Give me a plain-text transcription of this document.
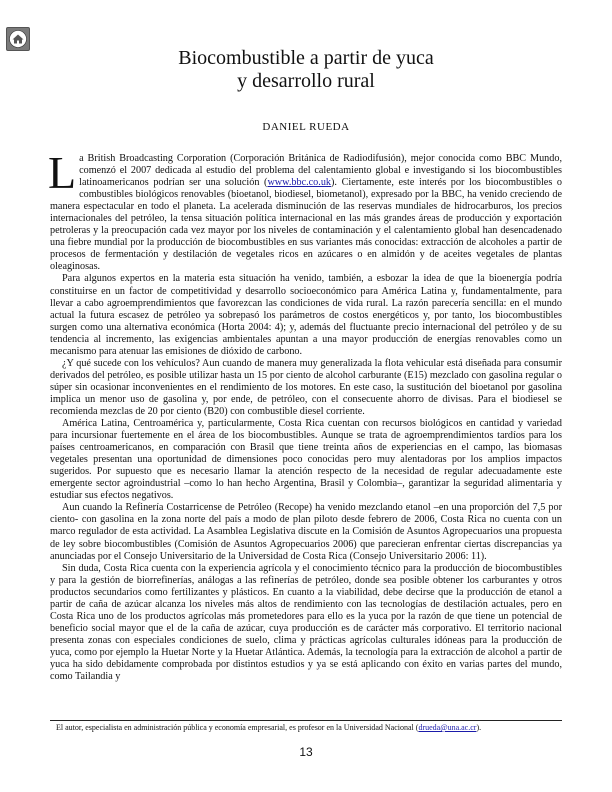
Biocombustible a partir de yuca
y desarrollo rural
DANIEL RUEDA

La British Broadcasting Corporation (Corporación Británica de Radiodifusión), mejor conocida como BBC Mundo, comenzó el 2007 dedicada al estudio del problema del calentamiento global e investigando si los biocombustibles latinoamericanos podrían ser una solución (www.bbc.co.uk). Ciertamente, este interés por los biocombustibles o combustibles biológicos renovables (bioetanol, biodiesel, biometanol), expresado por la BBC, ha venido creciendo de manera espectacular en todo el planeta. La acelerada disminución de las reservas mundiales de hidrocarburos, los precios internacionales del petróleo, la tensa situación política internacional en las más grandes áreas de producción y exportación petroleras y la preocupación cada vez mayor por los niveles de contaminación y el calentamiento global han desencadenado una fiebre mundial por la producción de biocombustibles en sus variantes más conocidas: extracción de alcoholes a partir de procesos de fermentación y destilación de vegetales ricos en azúcares o en almidón y de aceites vegetales de plantas oleaginosas.

Para algunos expertos en la materia esta situación ha venido, también, a esbozar la idea de que la bioenergía podría constituirse en un factor de competitividad y desarrollo socioeconómico para América Latina y, fundamentalmente, para llevar a cabo agroemprendimientos que favorezcan las condiciones de vida rural. La razón parecería sencilla: en el mundo actual la futura escasez de petróleo ya sobrepasó los parámetros de costos energéticos y, por tanto, los biocombustibles surgen como una alternativa económica (Horta 2004: 4); y, además del fluctuante precio internacional del petróleo y de su tendencia al incremento, las exigencias ambientales apuntan a una mayor producción de energías renovables como un mecanismo para atenuar las emisiones de dióxido de carbono.

¿Y qué sucede con los vehículos? Aun cuando de manera muy generalizada la flota vehicular está diseñada para consumir derivados del petróleo, es posible utilizar hasta un 15 por ciento de alcohol carburante (E15) mezclado con gasolina regular o súper sin ocasionar inconvenientes en el rendimiento de los motores. En este caso, la sustitución del bioetanol por gasolina implica un menor uso de gasolina y, por ende, de petróleo, con el consecuente ahorro de divisas. Para el biodiesel se recomienda mezclas de 20 por ciento (B20) con combustible diesel corriente.

América Latina, Centroamérica y, particularmente, Costa Rica cuentan con recursos biológicos en cantidad y variedad para incursionar fuertemente en el área de los biocombustibles. Aunque se trata de agroemprendimientos tardíos para los países centroamericanos, en comparación con Brasil que tiene treinta años de experiencias en el campo, las biomasas vegetales presentan una oportunidad de dimensiones poco conocidas pero muy alentadoras por los amplios impactos sugeridos. Por supuesto que es necesario llamar la atención respecto de la necesidad de regular adecuadamente este emergente sector agroindustrial –como lo han hecho Argentina, Brasil y Colombia–, garantizar la seguridad alimentaria y estudiar sus efectos negativos.

Aun cuando la Refinería Costarricense de Petróleo (Recope) ha venido mezclando etanol –en una proporción del 7,5 por ciento- con gasolina en la zona norte del país a modo de plan piloto desde febrero de 2006, Costa Rica no cuenta con un marco regulador de esta actividad. La Asamblea Legislativa discute en la Comisión de Asuntos Agropecuarios una propuesta de ley sobre biocombustibles (Comisión de Asuntos Agropecuarios 2006) que parecieran enfrentar ciertas discrepancias ya anunciadas por el Consejo Universitario de la Universidad de Costa Rica (Consejo Universitario 2006: 11).

Sin duda, Costa Rica cuenta con la experiencia agrícola y el conocimiento técnico para la producción de biocombustibles y para la gestión de biorrefinerías, análogas a las refinerías de petróleo, donde sea posible obtener los carburantes y otros productos secundarios como fertilizantes y plásticos. En cuanto a la viabilidad, debe decirse que la producción de etanol a partir de caña de azúcar alcanza los niveles más altos de rendimiento con las tecnologías de destilación actuales, pero en Costa Rica uno de los productos agrícolas más prometedores para ello es la yuca por la razón de que tiene un potencial de beneficio social mayor que el de la caña de azúcar, cuya producción es de carácter más corporativo. El territorio nacional presenta zonas con especiales condiciones de suelo, clima y prácticas agrícolas culturales idóneas para la producción de yuca, como por ejemplo la Huetar Norte y la Huetar Atlántica. Además, la tecnología para la extracción de alcohol a partir de yuca ha sido debidamente comprobada por distintos estudios y ya se está aplicando con éxito en varias partes del mundo, como Tailandia y

El autor, especialista en administración pública y economía empresarial, es profesor en la Universidad Nacional (drueda@una.ac.cr).
13
